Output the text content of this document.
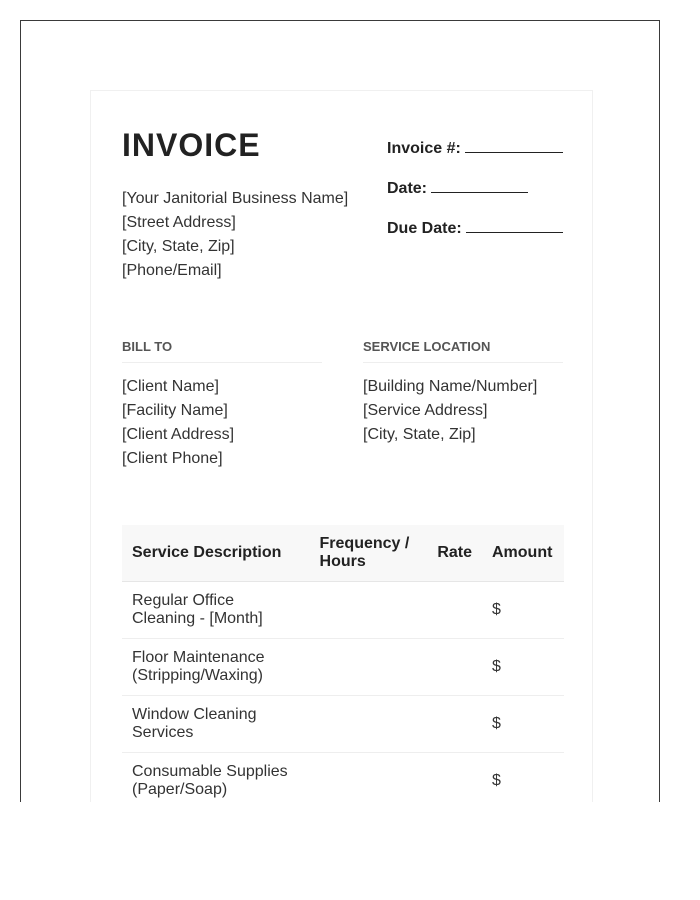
INVOICE
[Your Janitorial Business Name]
[Street Address]
[City, State, Zip]
[Phone/Email]
Invoice #:
Date:
Due Date:
BILL TO
[Client Name]
[Facility Name]
[Client Address]
[Client Phone]
SERVICE LOCATION
[Building Name/Number]
[Service Address]
[City, State, Zip]
Service Description	Frequency / Hours	Rate	Amount
Regular Office Cleaning - [Month]			$
Floor Maintenance (Stripping/Waxing)			$
Window Cleaning Services			$
Consumable Supplies (Paper/Soap)			$
